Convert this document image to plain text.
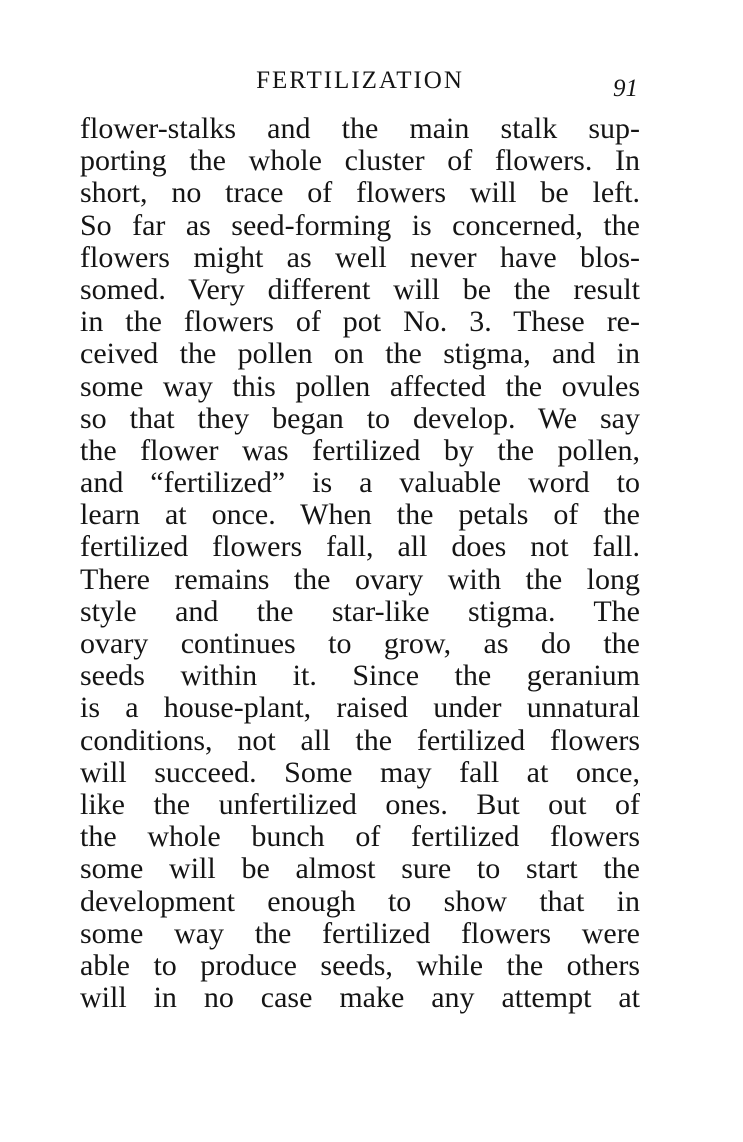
FERTILIZATION	91
flower-stalks and the main stalk sup-
porting the whole cluster of flowers. In
short, no trace of flowers will be left.
So far as seed-forming is concerned, the
flowers might as well never have blos-
somed. Very different will be the result
in the flowers of pot No. 3. These re-
ceived the pollen on the stigma, and in
some way this pollen affected the ovules
so that they began to develop. We say
the flower was fertilized by the pollen,
and “fertilized” is a valuable word to
learn at once. When the petals of the
fertilized flowers fall, all does not fall.
There remains the ovary with the long
style and the star-like stigma. The
ovary continues to grow, as do the
seeds within it. Since the geranium
is a house-plant, raised under unnatural
conditions, not all the fertilized flowers
will succeed. Some may fall at once,
like the unfertilized ones. But out of
the whole bunch of fertilized flowers
some will be almost sure to start the
development enough to show that in
some way the fertilized flowers were
able to produce seeds, while the others
will in no case make any attempt at
